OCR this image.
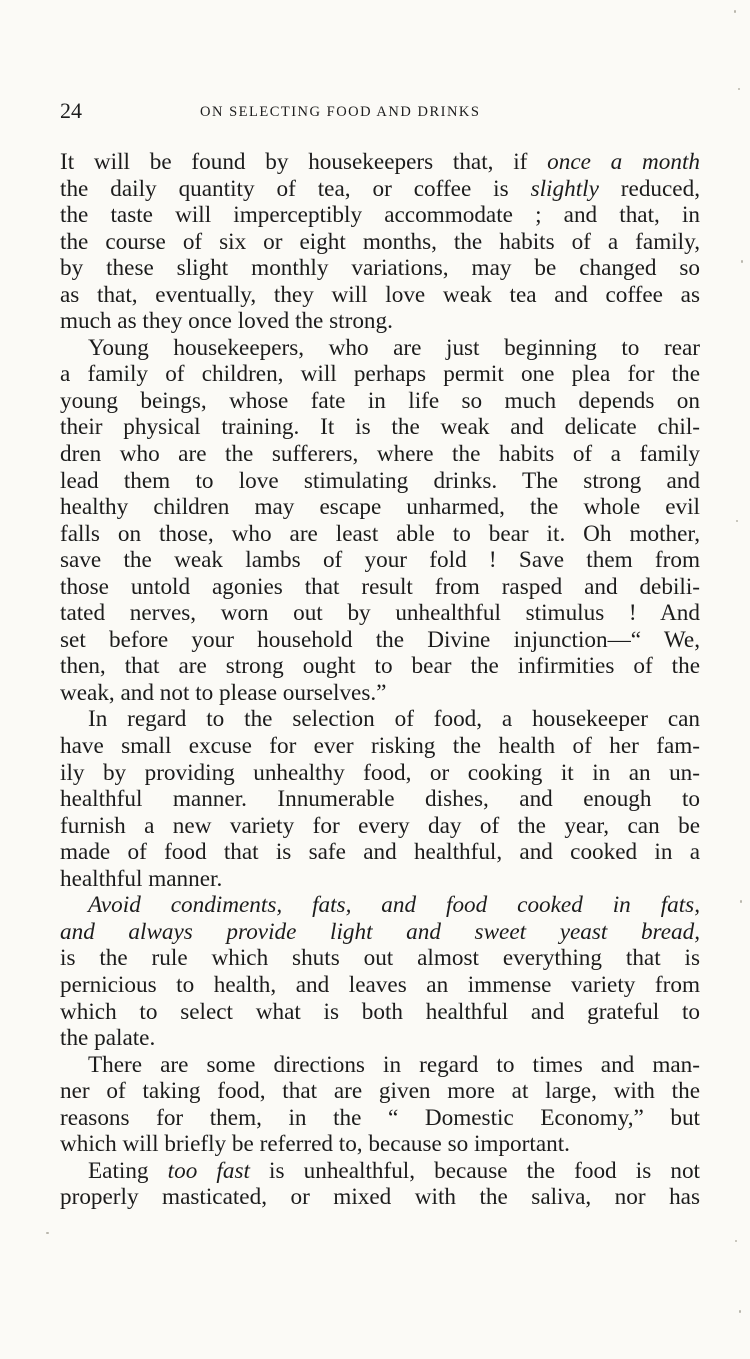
24	ON SELECTING FOOD AND DRINKS
It will be found by housekeepers that, if once a month
the daily quantity of tea, or coffee is slightly reduced,
the taste will imperceptibly accommodate ; and that, in
the course of six or eight months, the habits of a family,
by these slight monthly variations, may be changed so
as that, eventually, they will love weak tea and coffee as
much as they once loved the strong.
Young housekeepers, who are just beginning to rear
a family of children, will perhaps permit one plea for the
young beings, whose fate in life so much depends on
their physical training. It is the weak and delicate chil-
dren who are the sufferers, where the habits of a family
lead them to love stimulating drinks. The strong and
healthy children may escape unharmed, the whole evil
falls on those, who are least able to bear it. Oh mother,
save the weak lambs of your fold ! Save them from
those untold agonies that result from rasped and debili-
tated nerves, worn out by unhealthful stimulus ! And
set before your household the Divine injunction—“ We,
then, that are strong ought to bear the infirmities of the
weak, and not to please ourselves.”
In regard to the selection of food, a housekeeper can
have small excuse for ever risking the health of her fam-
ily by providing unhealthy food, or cooking it in an un-
healthful manner. Innumerable dishes, and enough to
furnish a new variety for every day of the year, can be
made of food that is safe and healthful, and cooked in a
healthful manner.
Avoid condiments, fats, and food cooked in fats,
and always provide light and sweet yeast bread,
is the rule which shuts out almost everything that is
pernicious to health, and leaves an immense variety from
which to select what is both healthful and grateful to
the palate.
There are some directions in regard to times and man-
ner of taking food, that are given more at large, with the
reasons for them, in the “ Domestic Economy,” but
which will briefly be referred to, because so important.
Eating too fast is unhealthful, because the food is not
properly masticated, or mixed with the saliva, nor has
